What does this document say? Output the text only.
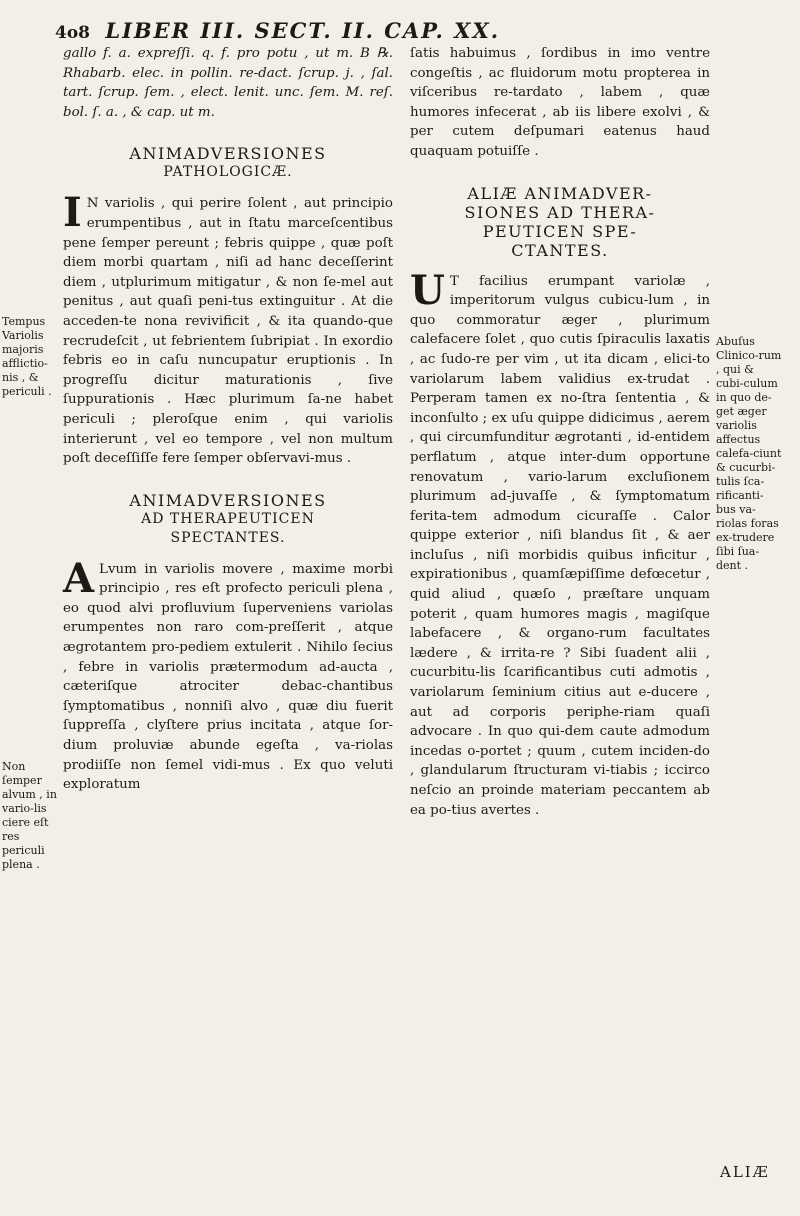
4o8 LIBER III. SECT. II. CAP. XX.

gallo f. a. expreſſi. q. f. pro potu , ut m. B ℞. Rhabarb. elec. in pollin. re-dact. ſcrup. j. , ſal. tart. ſcrup. ſem. , elect. lenit. unc. ſem. M. reſ. bol. ſ. a. , & cap. ut m.

ANIMADVERSIONES
PATHOLOGICÆ.

I N variolis , qui perire ſolent , aut principio erumpentibus , aut in ſtatu marceſcentibus pene ſemper pereunt ; febris quippe , quæ poſt diem morbi quartam , niſi ad hanc deceſſerint diem , utplurimum mitigatur , & non ſe-mel aut penitus , aut quaſi peni-tus extinguitur . At die acceden-te nona revivificit , & ita quando-que recrudeſcit , ut febrientem ſubripiat . In exordio febris eo in caſu nuncupatur eruptionis . In progreſſu dicitur maturationis , ſive ſuppurationis . Hæc plurimum ſa-ne habet periculi ; pleroſque enim , qui variolis interierunt , vel eo tempore , vel non multum poſt deceſſiſſe fere ſemper obſervavi-mus .

ANIMADVERSIONES
AD THERAPEUTICEN
SPECTANTES.

A Lvum in variolis movere , maxime morbi principio , res eſt profecto periculi plena , eo quod alvi profluvium ſuperveniens variolas erumpentes non raro com-preſſerit , atque ægrotantem pro-pediem extulerit . Nihilo ſecius , febre in variolis prætermodum ad-aucta , cæteriſque atrociter debac-chantibus ſymptomatibus , nonniſi alvo , quæ diu fuerit ſuppreſſa , clyſtere prius incitata , atque ſor-dium proluviæ abunde egeſta , va-riolas prodiiſſe non ſemel vidi-mus . Ex quo veluti exploratum

ſatis habuimus , ſordibus in imo ventre congeſtis , ac fluidorum motu propterea in viſceribus re-tardato , labem , quæ humores infecerat , ab iis libere exolvi , & per cutem deſpumari eatenus haud quaquam potuiſſe .

ALIÆ ANIMADVER-
SIONES AD THERA-
PEUTICEN SPE-
CTANTES.

U T facilius erumpant variolæ , imperitorum vulgus cubicu-lum , in quo commoratur æger , plurimum calefacere ſolet , quo cutis ſpiraculis laxatis , ac ſudo-re per vim , ut ita dicam , elici-to variolarum labem validius ex-trudat . Perperam tamen ex no-ſtra ſententia , & inconſulto ; ex uſu quippe didicimus , aerem , qui circumfunditur ægrotanti , id-entidem perflatum , atque inter-dum opportune renovatum , vario-larum excluſionem plurimum ad-juvaſſe , & ſymptomatum ferita-tem admodum cicuraſſe . Calor quippe exterior , niſi blandus ſit , & aer incluſus , niſi morbidis quibus inficitur , expirationibus , quamſæpiſſime defœcetur , quid aliud , quæſo , præſtare unquam poterit , quam humores magis , magiſque labefacere , & organo-rum facultates lædere , & irrita-re ? Sibi ſuadent alii , cucurbitu-lis ſcarificantibus cuti admotis , variolarum ſeminium citius aut e-ducere , aut ad corporis periphe-riam quaſi advocare . In quo qui-dem caute admodum incedas o-portet ; quum , cutem inciden-do , glandularum ſtructuram vi-tiabis ; iccirco neſcio an proinde materiam peccantem ab ea po-tius avertes .

Tempus Variolis majoris afflictio-nis , & periculi .
Non ſemper alvum , in vario-lis ciere eſt res periculi plena .
Abuſus Clinico-rum , qui & cubi-culum in quo de-get æger variolis affectus calefa-ciunt & cucurbi-tulis ſca-rificanti-bus va-riolas foras ex-trudere ſibi ſua-dent .
ALIÆ
